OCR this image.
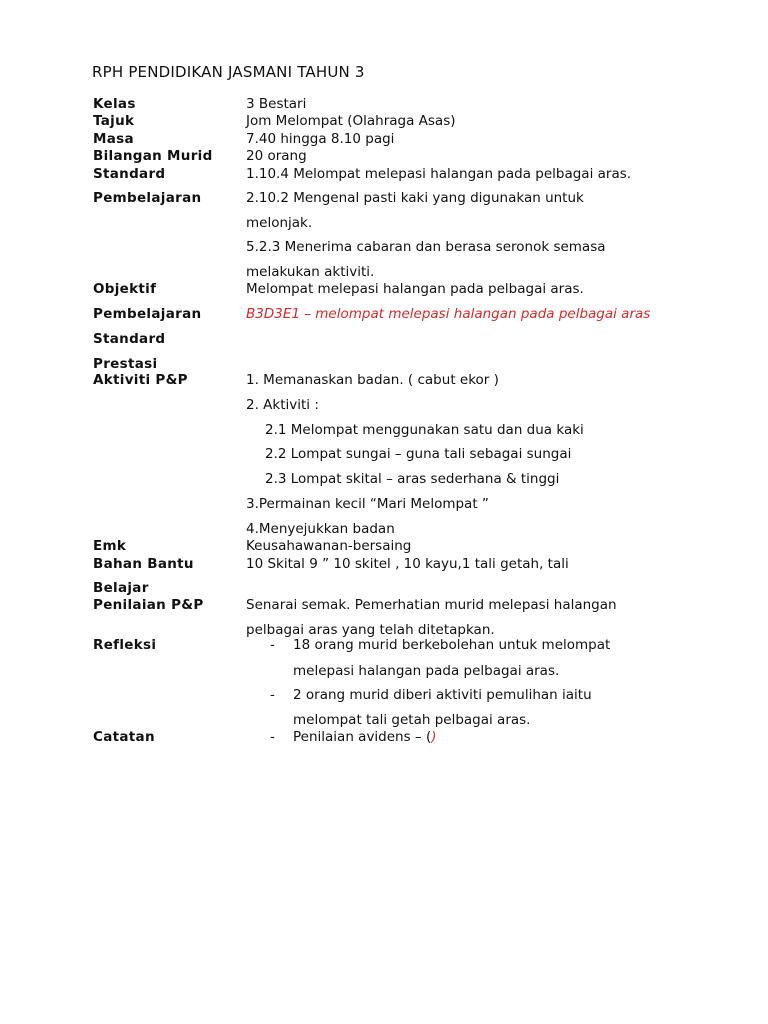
RPH PENDIDIKAN JASMANI TAHUN 3
Kelas
Tajuk
Masa
Bilangan Murid
Standard
Pembelajaran
Objektif
Pembelajaran
Standard
Prestasi
Aktiviti P&P
Emk
Bahan Bantu
Belajar
Penilaian P&P
Refleksi
Catatan
3 Bestari
Jom Melompat (Olahraga Asas)
7.40 hingga 8.10 pagi
20 orang
1.10.4 Melompat melepasi halangan pada pelbagai aras.
2.10.2 Mengenal pasti kaki yang digunakan untuk
melonjak.
5.2.3 Menerima cabaran dan berasa seronok semasa
melakukan aktiviti.
Melompat melepasi halangan pada pelbagai aras.
B3D3E1 – melompat melepasi halangan pada pelbagai aras
1. Memanaskan badan. ( cabut ekor )
2. Aktiviti :
2.1 Melompat menggunakan satu dan dua kaki
2.2 Lompat sungai – guna tali sebagai sungai
2.3 Lompat skital – aras sederhana & tinggi
3.Permainan kecil “Mari Melompat ”
4.Menyejukkan badan
Keusahawanan-bersaing
10 Skital 9 ” 10 skitel , 10 kayu,1 tali getah, tali
Senarai semak. Pemerhatian murid melepasi halangan
pelbagai aras yang telah ditetapkan.
- 18 orang murid berkebolehan untuk melompat
melepasi halangan pada pelbagai aras.
- 2 orang murid diberi aktiviti pemulihan iaitu
melompat tali getah pelbagai aras.
- Penilaian avidens – ()
